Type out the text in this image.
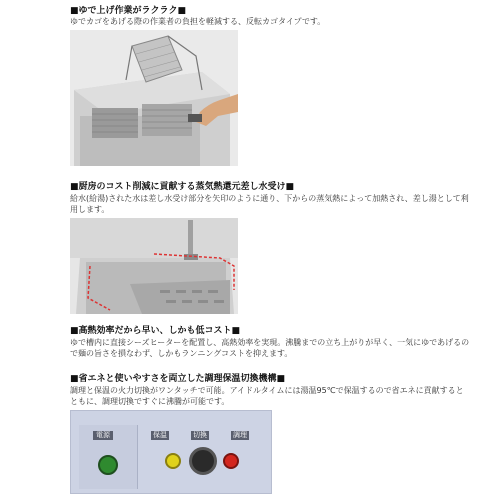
■ゆで上げ作業がラクラク■
ゆでカゴをあげる際の作業者の負担を軽減する、反転カゴタイプです。
■厨房のコスト削減に貢献する蒸気熱還元差し水受け■
給水(給湯)された水は差し水受け部分を矢印のように通り、下からの蒸気熱によって加熱され、差し湯として利用します。
■高熱効率だから早い、しかも低コスト■
ゆで槽内に直接シーズヒーターを配置し、高熱効率を実現。沸騰までの立ち上がりが早く、一気にゆであげるので麺の旨さを損なわず、しかもランニングコストを抑えます。
■省エネと使いやすさを両立した調理保温切換機構■
調理と保温の火力切換がワンタッチで可能。アイドルタイムには湯温95℃で保温するので省エネに貢献するとともに、調理切換ですぐに沸騰が可能です。
電源	保温	切換	調理
